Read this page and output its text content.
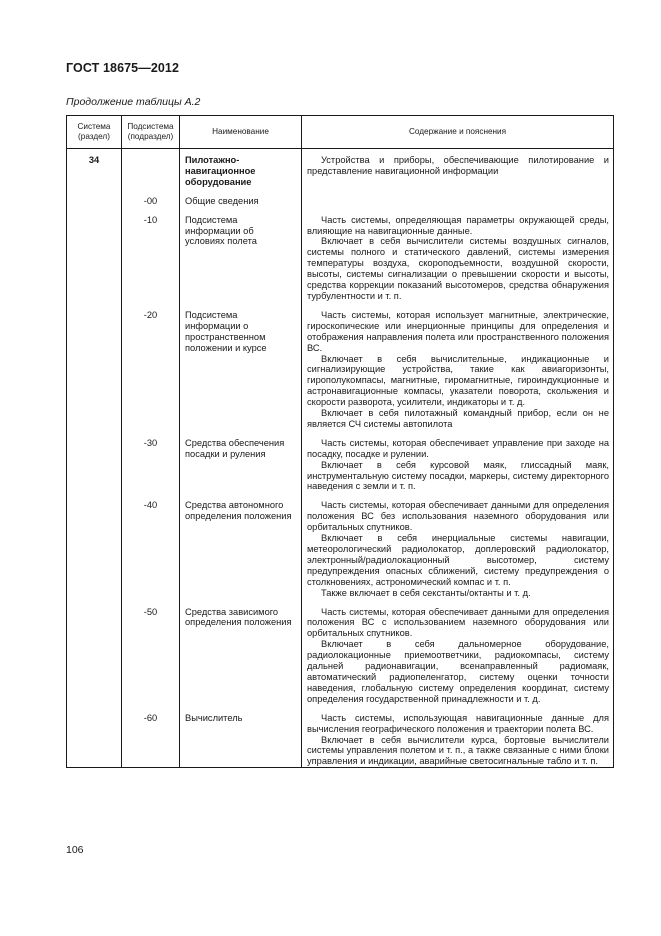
ГОСТ 18675—2012
Продолжение таблицы А.2
Система (раздел)	Подсистема (подраздел)	Наименование	Содержание и пояснения
34		Пилотажно-навигационное оборудование	Устройства и приборы, обеспечивающие пилотирование и представление навигационной информации

	-00	Общие сведения	

	-10	Подсистема информации об условиях полета	Часть системы, определяющая параметры окружающей среды, влияющие на навигационные данные.

Включает в себя вычислители системы воздушных сигналов, системы полного и статического давлений, системы измерения температуры воздуха, скороподъемности, воздушной скорости, высоты, системы сигнализации о превышении скорости и высоты, средства коррекции показаний высотомеров, средства обнаружения турбулентности и т. п.

	-20	Подсистема информации о пространственном положении и курсе	Часть системы, которая использует магнитные, электрические, гироскопические или инерционные принципы для определения и отображения направления полета или пространственного положения ВС.

Включает в себя вычислительные, индикационные и сигнализирующие устройства, такие как авиагоризонты, гирополукомпасы, магнитные, гиромагнитные, гироиндукционные и астронавигационные компасы, указатели поворота, скольжения и скорости разворота, усилители, индикаторы и т. д.

Включает в себя пилотажный командный прибор, если он не является СЧ системы автопилота

	-30	Средства обеспечения посадки и руления	Часть системы, которая обеспечивает управление при заходе на посадку, посадке и рулении.

Включает в себя курсовой маяк, глиссадный маяк, инструментальную систему посадки, маркеры, систему директорного наведения с земли и т. п.

	-40	Средства автономного определения положения	Часть системы, которая обеспечивает данными для определения положения ВС без использования наземного оборудования или орбитальных спутников.

Включает в себя инерциальные системы навигации, метеорологический радиолокатор, доплеровский радиолокатор, электронный/радиолокационный высотомер, систему предупреждения опасных сближений, систему предупреждения о столкновениях, астрономический компас и т. п.

Также включает в себя секстанты/октанты и т. д.

	-50	Средства зависимого определения положения	Часть системы, которая обеспечивает данными для определения положения ВС с использованием наземного оборудования или орбитальных спутников.

Включает в себя дальномерное оборудование, радиолокационные приемоответчики, радиокомпасы, систему дальней радионавигации, всенаправленный радиомаяк, автоматический радиопеленгатор, систему оценки точности наведения, глобальную систему определения координат, систему определения государственной принадлежности и т. д.

	-60	Вычислитель	Часть системы, использующая навигационные данные для вычисления географического положения и траектории полета ВС.

Включает в себя вычислители курса, бортовые вычислители системы управления полетом и т. п., а также связанные с ними блоки управления и индикации, аварийные светосигнальные табло и т. п.

106
